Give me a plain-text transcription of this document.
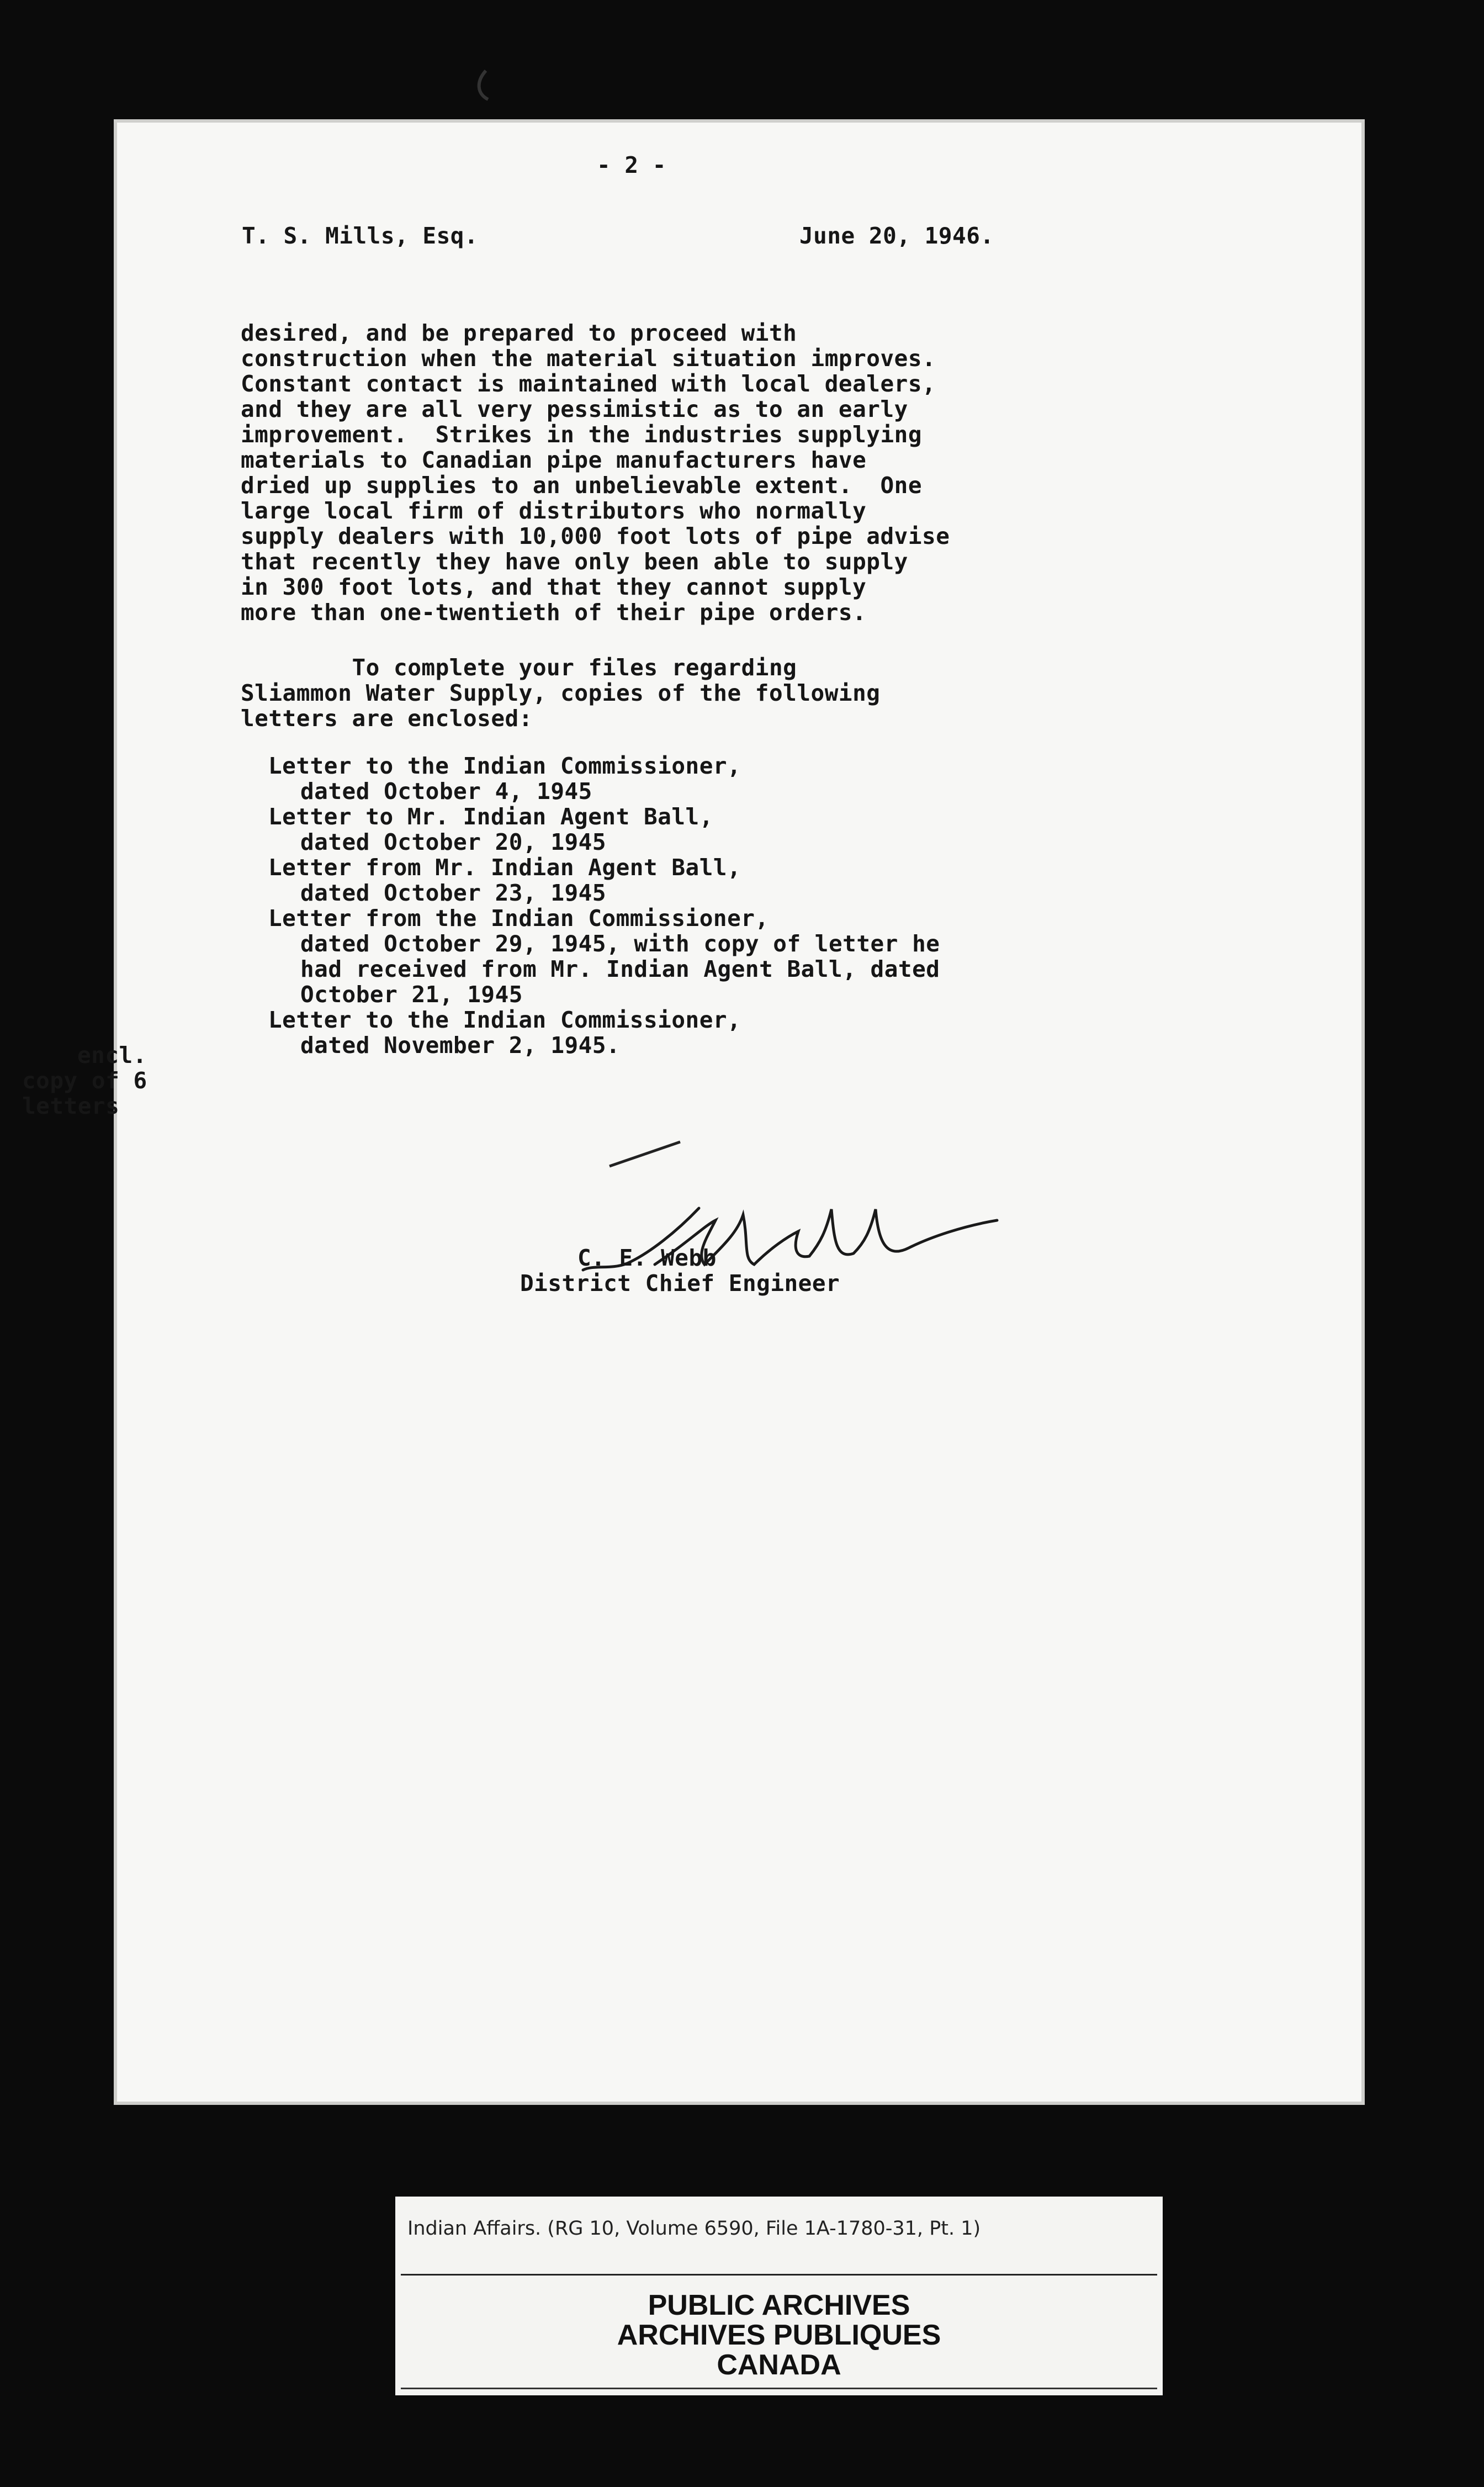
- 2 -
T. S. Mills, Esq.	June 20, 1946.
desired, and be prepared to proceed with
construction when the material situation improves.
Constant contact is maintained with local dealers,
and they are all very pessimistic as to an early
improvement.  Strikes in the industries supplying
materials to Canadian pipe manufacturers have
dried up supplies to an unbelievable extent.  One
large local firm of distributors who normally
supply dealers with 10,000 foot lots of pipe advise
that recently they have only been able to supply
in 300 foot lots, and that they cannot supply
more than one-twentieth of their pipe orders.
To complete your files regarding
Sliammon Water Supply, copies of the following
letters are enclosed:
Letter to the Indian Commissioner,
dated October 4, 1945
Letter to Mr. Indian Agent Ball,
dated October 20, 1945
Letter from Mr. Indian Agent Ball,
dated October 23, 1945
Letter from the Indian Commissioner,
dated October 29, 1945, with copy of letter he
had received from Mr. Indian Agent Ball, dated
October 21, 1945
Letter to the Indian Commissioner,
dated November 2, 1945.
encl.
copy of 6
letters
C. E. Webb
District Chief Engineer
Indian Affairs. (RG 10, Volume 6590, File 1A-1780-31, Pt. 1)
PUBLIC ARCHIVES
ARCHIVES PUBLIQUES
CANADA
